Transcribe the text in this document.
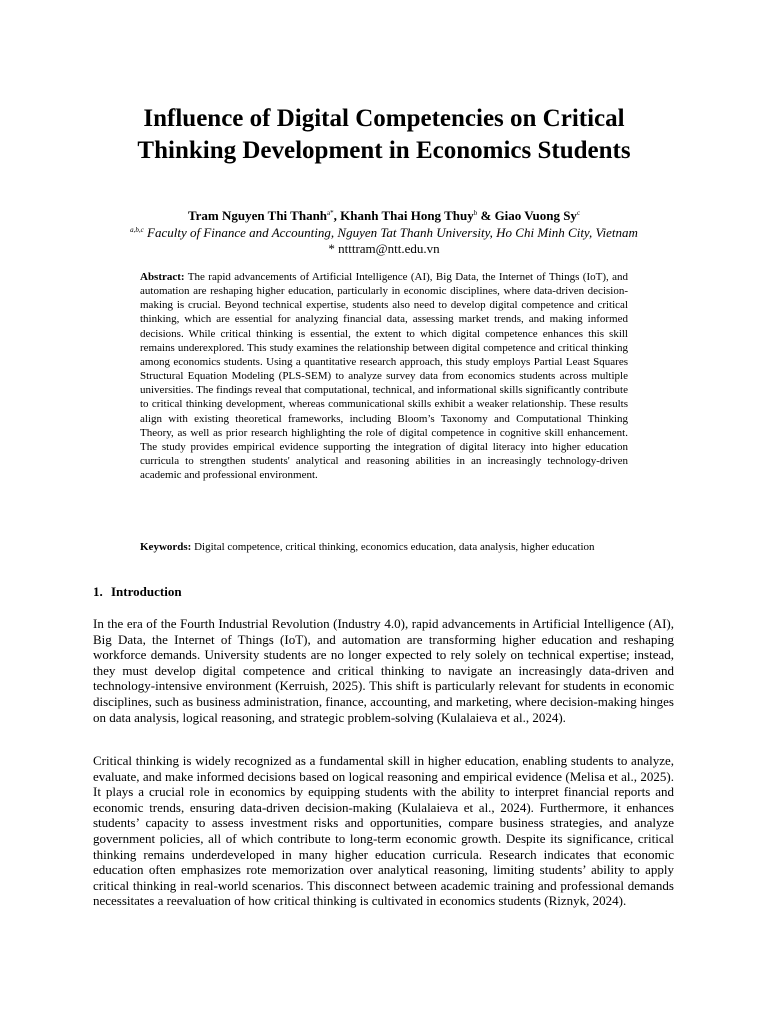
Influence of Digital Competencies on Critical Thinking Development in Economics Students
Tram Nguyen Thi Thanh$^{a*}$, Khanh Thai Hong Thuy$^b$ & Giao Vuong Sy$^c$
$^{a,b,c}$ Faculty of Finance and Accounting, Nguyen Tat Thanh University, Ho Chi Minh City, Vietnam
* ntttram@ntt.edu.vn

Abstract: The rapid advancements of Artificial Intelligence (AI), Big Data, the Internet of Things (IoT), and automation are reshaping higher education, particularly in economic disciplines, where data-driven decision-making is crucial. Beyond technical expertise, students also need to develop digital competence and critical thinking, which are essential for analyzing financial data, assessing market trends, and making informed decisions. While critical thinking is essential, the extent to which digital competence enhances this skill remains underexplored. This study examines the relationship between digital competence and critical thinking among economics students. Using a quantitative research approach, this study employs Partial Least Squares Structural Equation Modeling (PLS-SEM) to analyze survey data from economics students across multiple universities. The findings reveal that computational, technical, and informational skills significantly contribute to critical thinking development, whereas communicational skills exhibit a weaker relationship. These results align with existing theoretical frameworks, including Bloom’s Taxonomy and Computational Thinking Theory, as well as prior research highlighting the role of digital competence in cognitive skill enhancement. The study provides empirical evidence supporting the integration of digital literacy into higher education curricula to strengthen students' analytical and reasoning abilities in an increasingly technology-driven academic and professional environment.

Keywords: Digital competence, critical thinking, economics education, data analysis, higher education

1. Introduction

In the era of the Fourth Industrial Revolution (Industry 4.0), rapid advancements in Artificial Intelligence (AI), Big Data, the Internet of Things (IoT), and automation are transforming higher education and reshaping workforce demands. University students are no longer expected to rely solely on technical expertise; instead, they must develop digital competence and critical thinking to navigate an increasingly data-driven and technology-intensive environment (Kerruish, 2025). This shift is particularly relevant for students in economic disciplines, such as business administration, finance, accounting, and marketing, where decision-making hinges on data analysis, logical reasoning, and strategic problem-solving (Kulalaieva et al., 2024).

Critical thinking is widely recognized as a fundamental skill in higher education, enabling students to analyze, evaluate, and make informed decisions based on logical reasoning and empirical evidence (Melisa et al., 2025). It plays a crucial role in economics by equipping students with the ability to interpret financial reports and economic trends, ensuring data-driven decision-making (Kulalaieva et al., 2024). Furthermore, it enhances students’ capacity to assess investment risks and opportunities, compare business strategies, and analyze government policies, all of which contribute to long-term economic growth. Despite its significance, critical thinking remains underdeveloped in many higher education curricula. Research indicates that economic education often emphasizes rote memorization over analytical reasoning, limiting students’ ability to apply critical thinking in real-world scenarios. This disconnect between academic training and professional demands necessitates a reevaluation of how critical thinking is cultivated in economics students (Riznyk, 2024).
